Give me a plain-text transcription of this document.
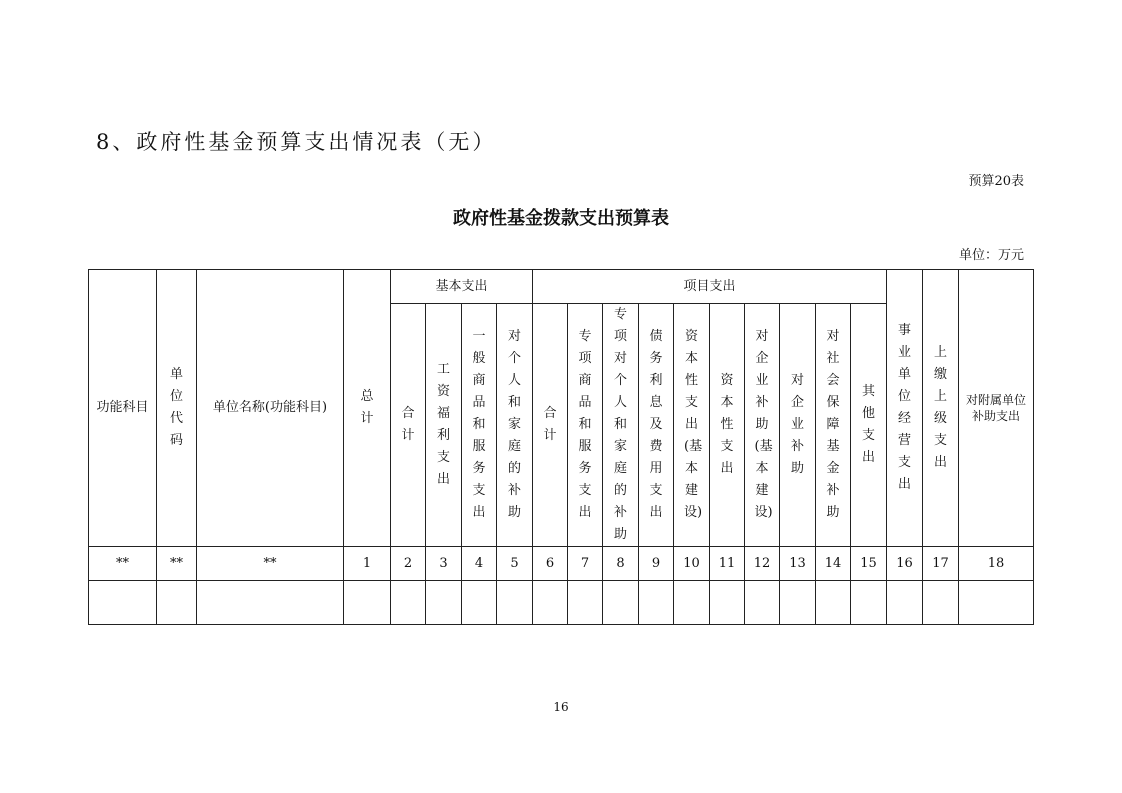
8、政府性基金预算支出情况表（无）
预算20表
政府性基金拨款支出预算表
单位：万元
功能科目	单位代码	单位名称(功能科目)	总计	基本支出				项目支出										事业单位经营支出	上缴上级支出	对附属单位补助支出

				合计	工资福利支出	一般商品和服务支出	对个人和家庭的补助	合计	专项商品和服务支出	专项对个人和家庭的补助	债务利息及费用支出	资本性支出(基本建设)	资本性支出	对企业补助(基本建设)	对企业补助	对社会保障基金补助	其他支出			
**	**	**	1	2	3	4	5	6	7	8	9	10	11	12	13	14	15	16	17	18

16
